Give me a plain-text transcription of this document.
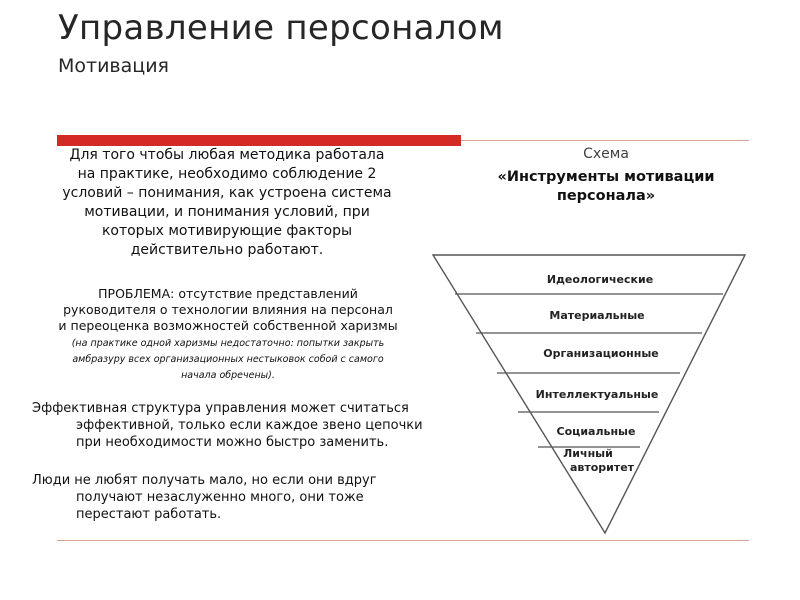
Управление персоналом
Мотивация

Для того чтобы любая методика работала на практике, необходимо соблюдение 2 условий – понимания, как устроена система мотивации, и понимания условий, при которых мотивирующие факторы действительно работают.

ПРОБЛЕМА: отсутствие представлений руководителя о технологии влияния на персонал и переоценка возможностей собственной харизмы (на практике одной харизмы недостаточно: попытки закрыть амбразуру всех организационных нестыковок собой с самого начала обречены).

Эффективная структура управления может считаться эффективной, только если каждое звено цепочки при необходимости можно быстро заменить.

Люди не любят получать мало, но если они вдруг получают незаслуженно много, они тоже перестают работать.

Схема
«Инструменты мотивации
персонала»
Идеологические
Материальные
Организационные
Интеллектуальные
Социальные
Личный
авторитет
